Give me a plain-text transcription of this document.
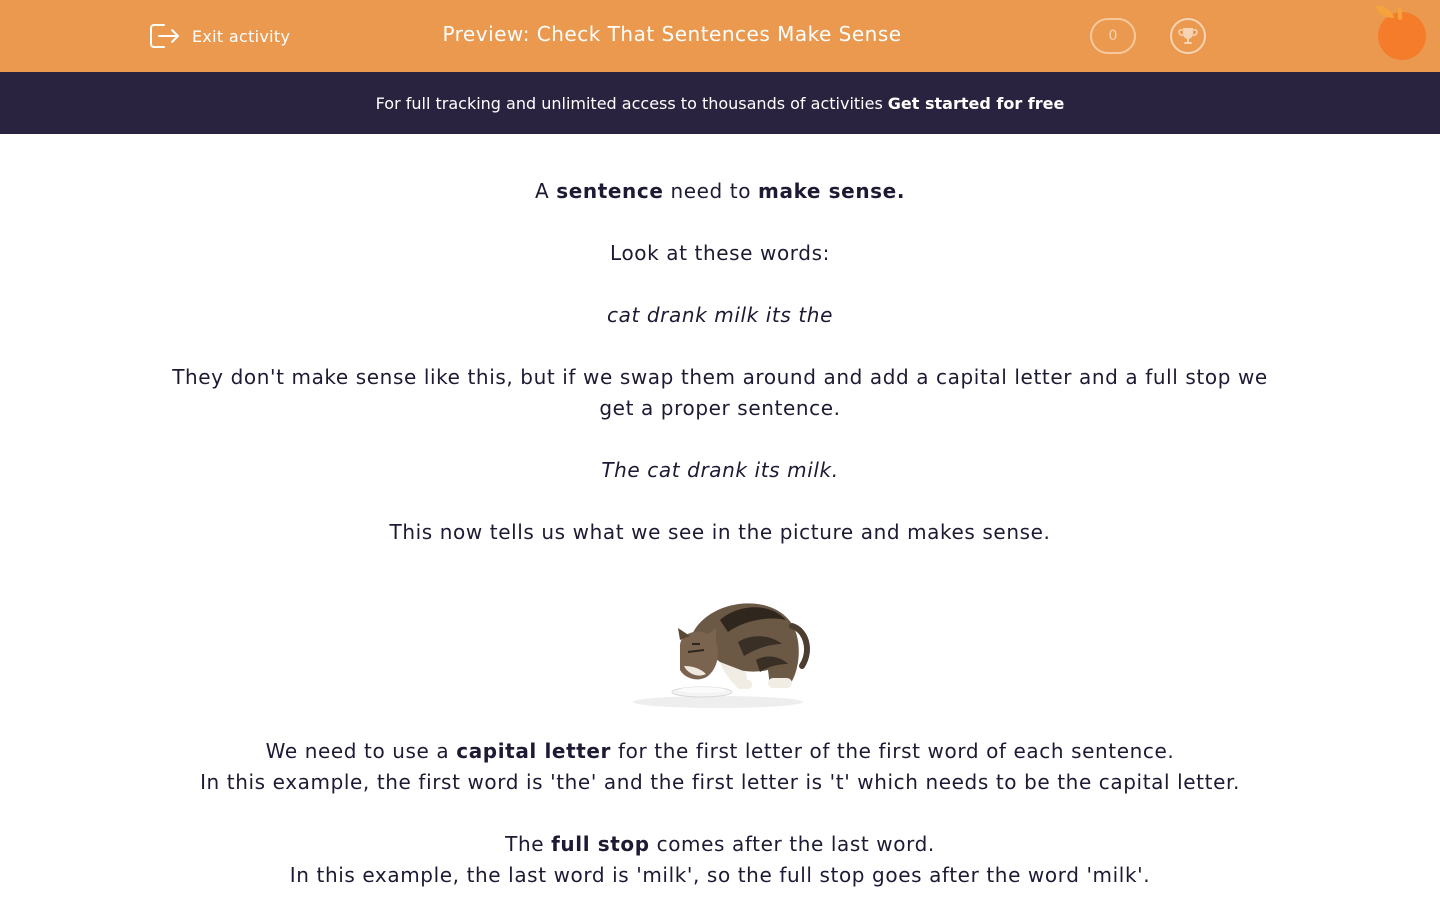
Exit activity	Preview: Check That Sentences Make Sense	0
For full tracking and unlimited access to thousands of activities Get started for free

A sentence need to make sense.

Look at these words:

cat drank milk its the

They don't make sense like this, but if we swap them around and add a capital letter and a full stop we

get a proper sentence.

The cat drank its milk.

This now tells us what we see in the picture and makes sense.

We need to use a capital letter for the first letter of the first word of each sentence.

In this example, the first word is 'the' and the first letter is 't' which needs to be the capital letter.

The full stop comes after the last word.

In this example, the last word is 'milk', so the full stop goes after the word 'milk'.
